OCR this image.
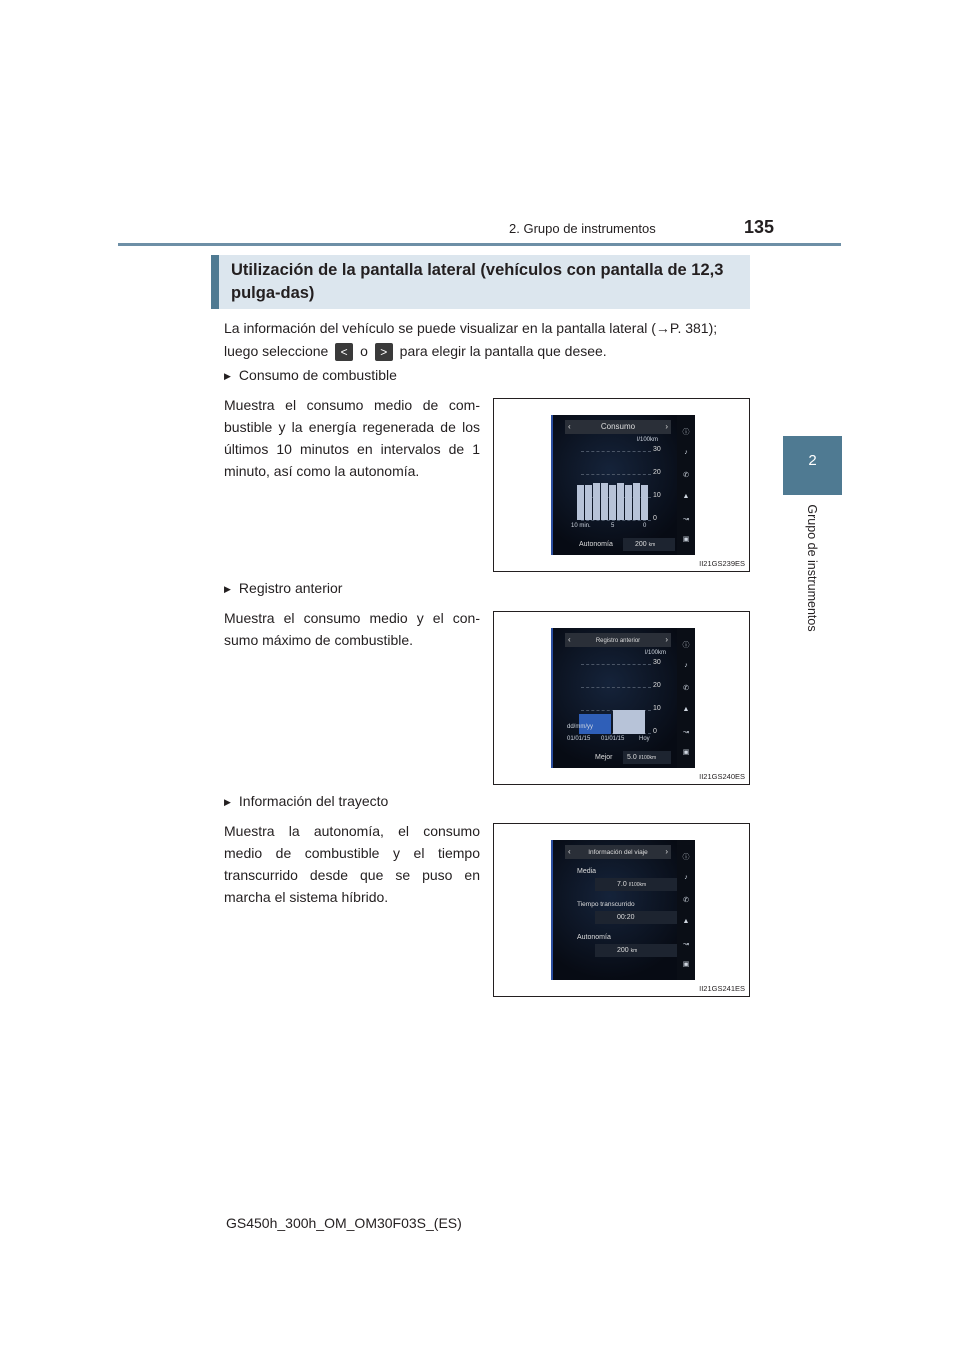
2. Grupo de instrumentos	135
2
Grupo de instrumentos
Utilización de la pantalla lateral (vehículos con pantalla de 12,3 pulga-das)
La información del vehículo se puede visualizar en la pantalla lateral (→P. 381);
luego seleccione < o > para elegir la pantalla que desee.
▶ Consumo de combustible
Muestra el consumo medio de com-bustible y la energía regenerada de los últimos 10 minutos en intervalos de 1 minuto, así como la autonomía.
‹	Consumo	›
l/100km
30
20
10
0
10 min.	5	0
Autonomía	200 km
ⓘ
♪
✆
▲
↝
▣
II21GS239ES
▶ Registro anterior
Muestra el consumo medio y el con-sumo máximo de combustible.	‹	Registro anterior	›
l/100km
30
20
10
0
dd/mm/yy
01/01/15 01/01/15 Hoy
Mejor	5.0 l/100km
ⓘ
♪
✆
▲
↝
▣
II21GS240ES
▶ Información del trayecto
Muestra la autonomía, el consumo medio de combustible y el tiempo transcurrido desde que se puso en marcha el sistema híbrido.
‹	Información del viaje ›
Media
7.0 l/100km
Tiempo transcurrido
00:20
Autonomía
200 km
ⓘ
♪
✆
▲
↝
▣
II21GS241ES
GS450h_300h_OM_OM30F03S_(ES)
